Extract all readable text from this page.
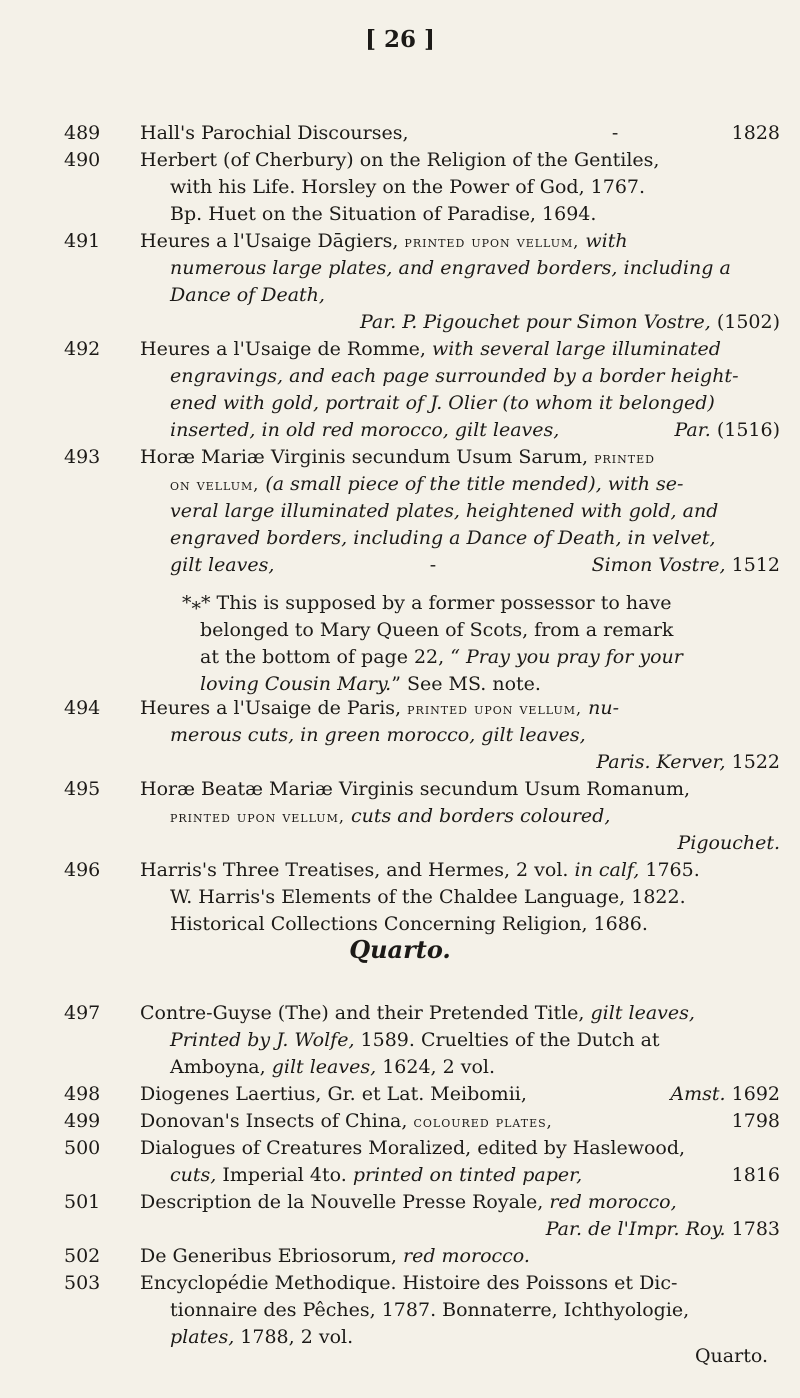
[ 26 ]
489	Hall's Parochial Discourses,	-	1828
490	Herbert (of Cherbury) on the Religion of the Gentiles,
with his Life. Horsley on the Power of God, 1767.
Bp. Huet on the Situation of Paradise, 1694.
491	Heures a l'Usaige Dāgiers, printed upon vellum, with
numerous large plates, and engraved borders, including a
Dance of Death,
Par. P. Pigouchet pour Simon Vostre, (1502)
492	Heures a l'Usaige de Romme, with several large illuminated
engravings, and each page surrounded by a border height-
ened with gold, portrait of J. Olier (to whom it belonged)
inserted, in old red morocco, gilt leaves,	Par. (1516)
493	Horæ Mariæ Virginis secundum Usum Sarum, printed
on vellum, (a small piece of the title mended), with se-
veral large illuminated plates, heightened with gold, and
engraved borders, including a Dance of Death, in velvet,
gilt leaves,	-	Simon Vostre, 1512
*⁎* This is supposed by a former possessor to have
belonged to Mary Queen of Scots, from a remark
at the bottom of page 22, “ Pray you pray for your
loving Cousin Mary.” See MS. note.
494	Heures a l'Usaige de Paris, printed upon vellum, nu-
merous cuts, in green morocco, gilt leaves,
Paris. Kerver, 1522
495	Horæ Beatæ Mariæ Virginis secundum Usum Romanum,
printed upon vellum, cuts and borders coloured,
Pigouchet.
496	Harris's Three Treatises, and Hermes, 2 vol. in calf, 1765.
W. Harris's Elements of the Chaldee Language, 1822.
Historical Collections Concerning Religion, 1686.
Quarto.
497	Contre-Guyse (The) and their Pretended Title, gilt leaves,
Printed by J. Wolfe, 1589. Cruelties of the Dutch at
Amboyna, gilt leaves, 1624, 2 vol.
498	Diogenes Laertius, Gr. et Lat. Meibomii,	Amst. 1692
499	Donovan's Insects of China, coloured plates,	1798
500	Dialogues of Creatures Moralized, edited by Haslewood,
cuts, Imperial 4to. printed on tinted paper,	1816
501	Description de la Nouvelle Presse Royale, red morocco,
Par. de l'Impr. Roy. 1783
502	De Generibus Ebriosorum, red morocco.
503	Encyclopédie Methodique. Histoire des Poissons et Dic-
tionnaire des Pêches, 1787. Bonnaterre, Ichthyologie,
plates, 1788, 2 vol.
Quarto.
